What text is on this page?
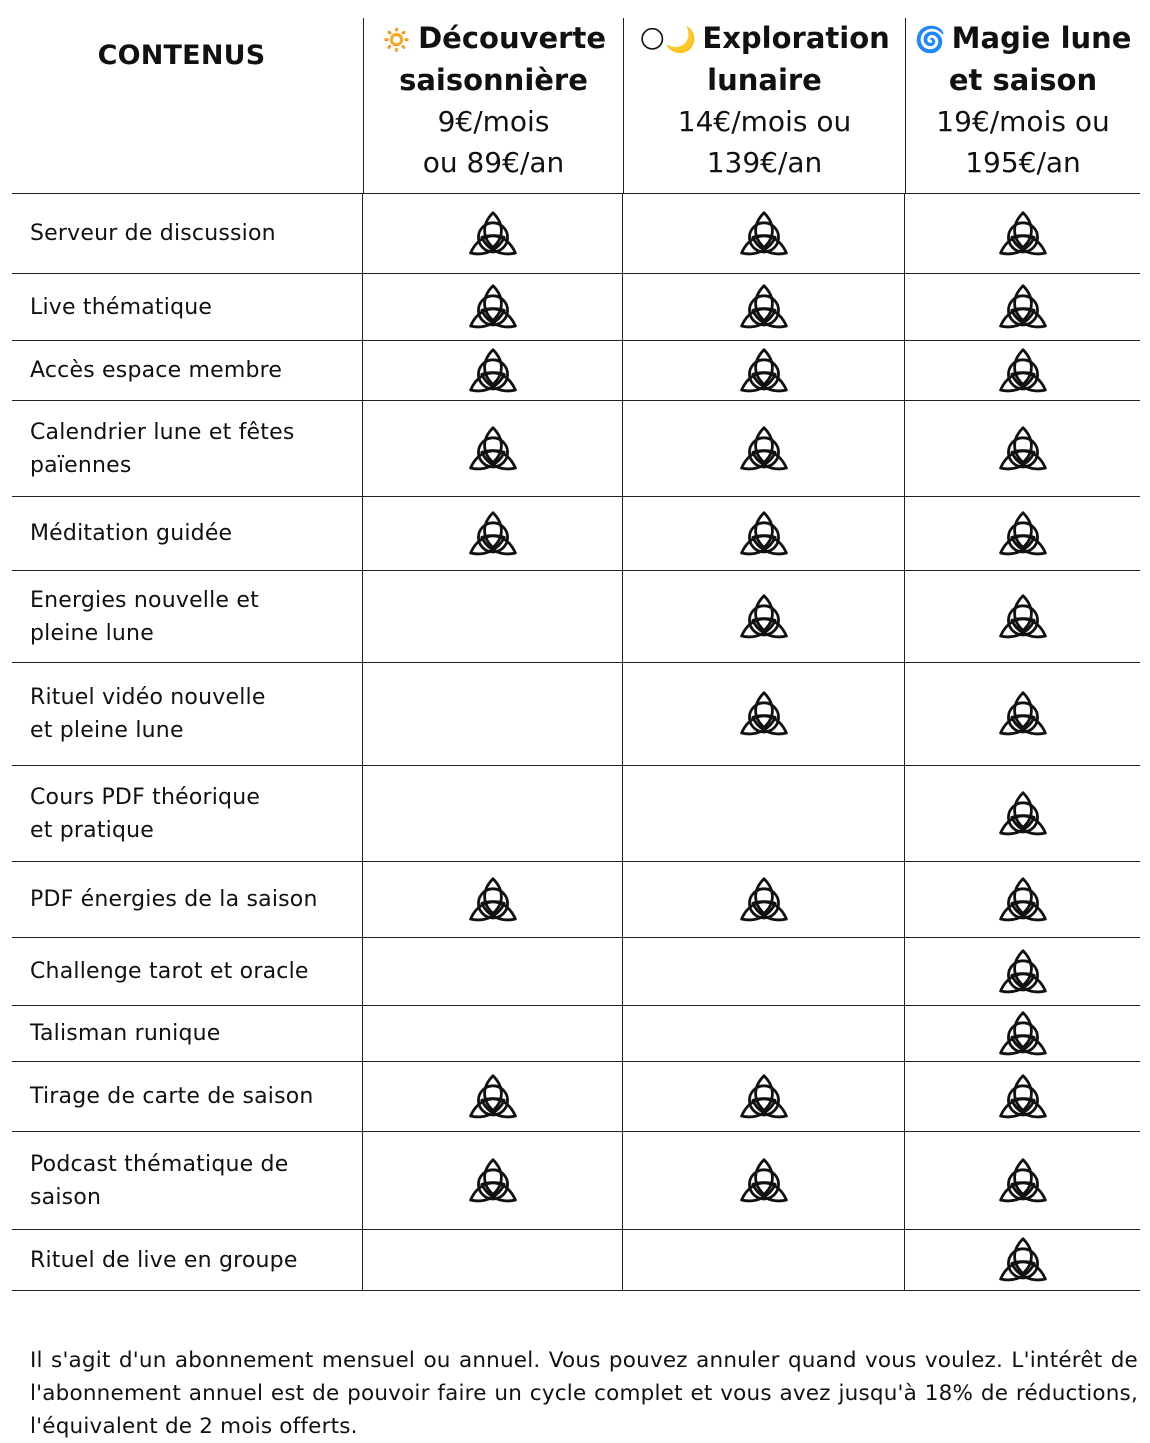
CONTENUS
🔅 Découverte
saisonnière
9€/mois
ou 89€/an
🌕🌙 Exploration
lunaire
14€/mois ou
139€/an
🌀 Magie lune
et saison
19€/mois ou
195€/an
Serveur de discussion
Live thématique
Accès espace membre
Calendrier lune et fêtes
païennes
Méditation guidée
Energies nouvelle et
pleine lune
Rituel vidéo nouvelle
et pleine lune
Cours PDF théorique
et pratique
PDF énergies de la saison
Challenge tarot et oracle
Talisman runique
Tirage de carte de saison
Podcast thématique de
saison
Rituel de live en groupe

Il s'agit d'un abonnement mensuel ou annuel. Vous pouvez annuler quand vous voulez. L'intérêt de l'abonnement annuel est de pouvoir faire un cycle complet et vous avez jusqu'à 18% de réductions, l'équivalent de 2 mois offerts.
